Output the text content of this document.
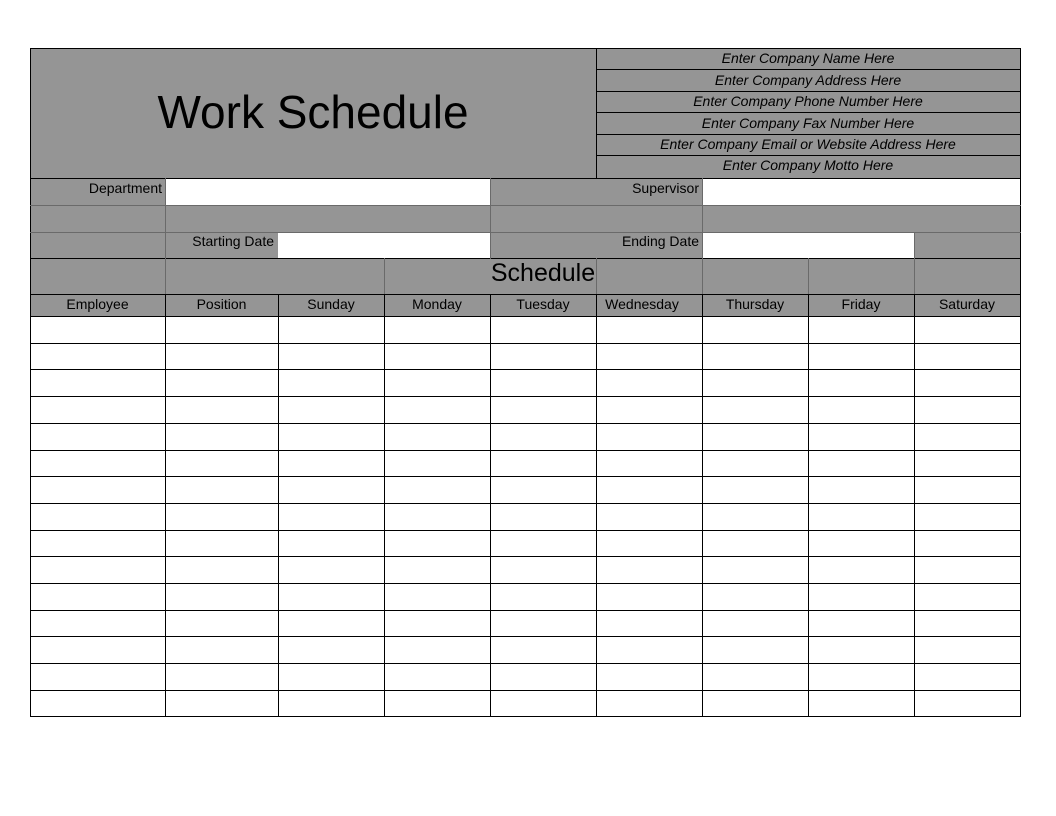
Work Schedule
Enter Company Name Here
Enter Company Address Here
Enter Company Phone Number Here
Enter Company Fax Number Here
Enter Company Email or Website Address Here
Enter Company Motto Here
Department	Supervisor
Starting Date	Ending Date
Schedule
Employee	Position	Sunday	Monday	Tuesday	Wednesday	Thursday	Friday	Saturday
